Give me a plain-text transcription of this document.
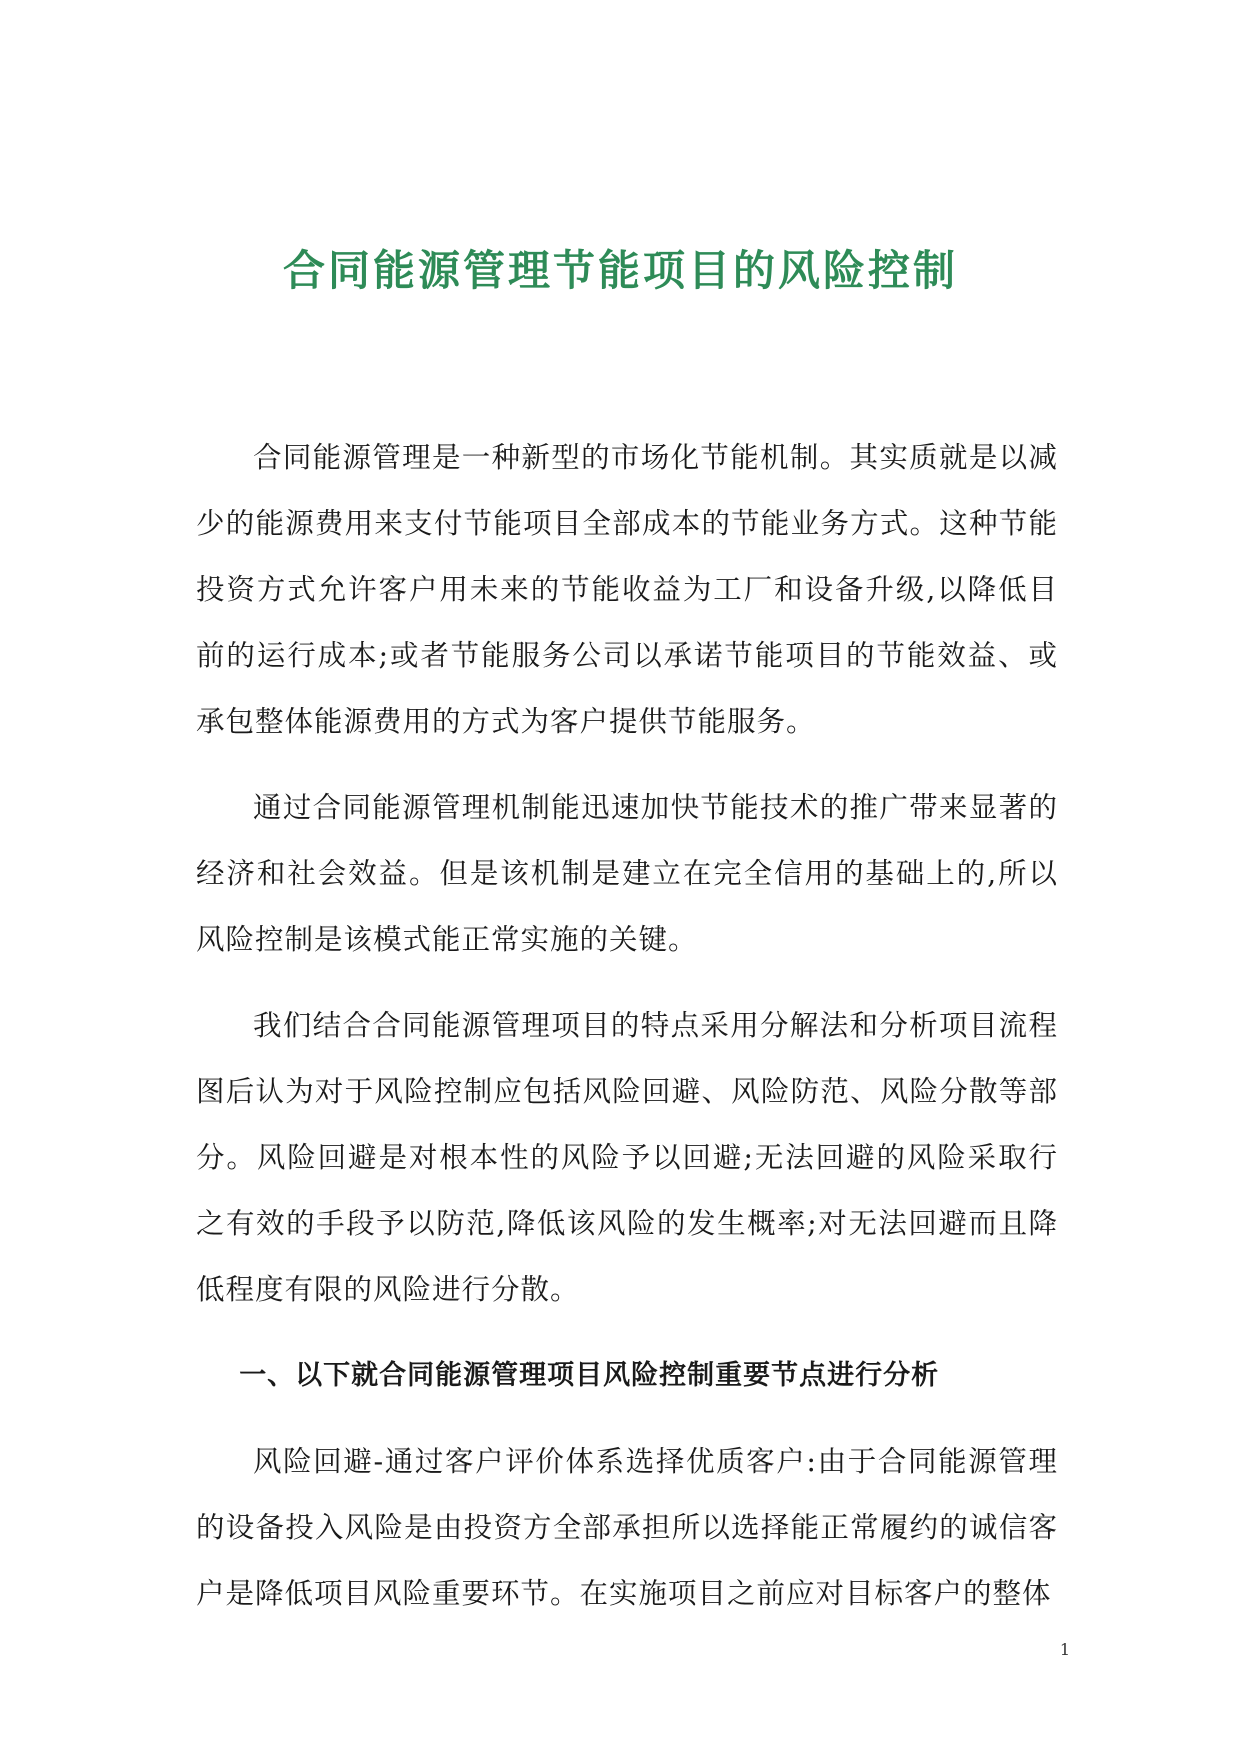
合同能源管理节能项目的风险控制

合同能源管理是一种新型的市场化节能机制。其实质就是以减少的能源费用来支付节能项目全部成本的节能业务方式。这种节能投资方式允许客户用未来的节能收益为工厂和设备升级,以降低目前的运行成本;或者节能服务公司以承诺节能项目的节能效益、或承包整体能源费用的方式为客户提供节能服务。

通过合同能源管理机制能迅速加快节能技术的推广带来显著的经济和社会效益。但是该机制是建立在完全信用的基础上的,所以风险控制是该模式能正常实施的关键。

我们结合合同能源管理项目的特点采用分解法和分析项目流程图后认为对于风险控制应包括风险回避、风险防范、风险分散等部分。风险回避是对根本性的风险予以回避;无法回避的风险采取行之有效的手段予以防范,降低该风险的发生概率;对无法回避而且降低程度有限的风险进行分散。

一、以下就合同能源管理项目风险控制重要节点进行分析

风险回避-通过客户评价体系选择优质客户:由于合同能源管理的设备投入风险是由投资方全部承担所以选择能正常履约的诚信客户是降低项目风险重要环节。在实施项目之前应对目标客户的整体

1
